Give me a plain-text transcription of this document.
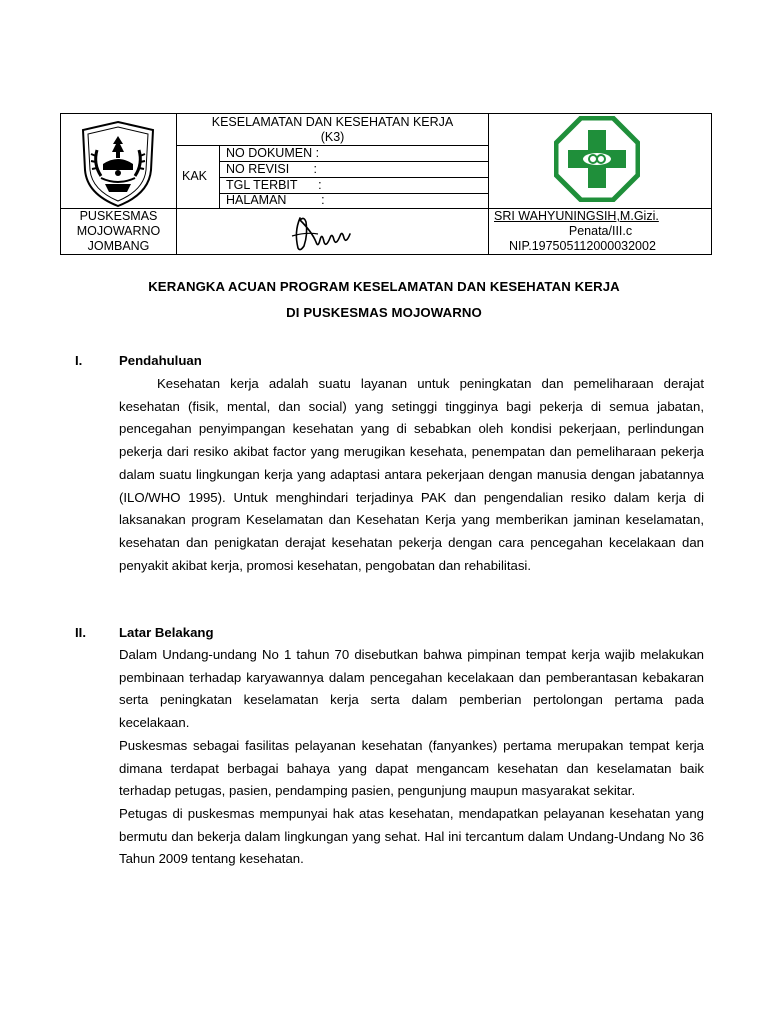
KESELAMATAN DAN KESEHATAN KERJA
(K3)
KAK
NO DOKUMEN :
NO REVISI       :
TGL TERBIT      :
HALAMAN          :
PUSKESMAS
MOJOWARNO
JOMBANG
SRI WAHYUNINGSIH,M.Gizi.
Penata/III.c
NIP.197505112000032002
KERANGKA ACUAN PROGRAM KESELAMATAN DAN KESEHATAN KERJA
DI PUSKESMAS MOJOWARNO
I.	Pendahuluan
Kesehatan kerja adalah suatu layanan untuk peningkatan dan pemeliharaan derajat kesehatan (fisik, mental, dan social) yang setinggi tingginya bagi pekerja di semua jabatan, pencegahan penyimpangan kesehatan yang di sebabkan oleh kondisi pekerjaan, perlindungan pekerja dari resiko akibat factor yang merugikan kesehata, penempatan dan pemeliharaan pekerja dalam suatu lingkungan kerja yang adaptasi antara pekerjaan dengan manusia dengan jabatannya (ILO/WHO 1995). Untuk menghindari terjadinya PAK dan pengendalian resiko dalam kerja di laksanakan program Keselamatan dan Kesehatan Kerja yang memberikan jaminan keselamatan, kesehatan dan penigkatan derajat kesehatan pekerja dengan cara pencegahan kecelakaan dan penyakit akibat kerja, promosi kesehatan, pengobatan dan rehabilitasi.
II.	Latar Belakang

Dalam Undang-undang No 1 tahun 70 disebutkan bahwa pimpinan tempat kerja wajib melakukan pembinaan terhadap karyawannya dalam pencegahan kecelakaan dan pemberantasan kebakaran serta peningkatan keselamatan kerja serta dalam pemberian pertolongan pertama pada kecelakaan.

Puskesmas sebagai fasilitas pelayanan kesehatan (fanyankes) pertama merupakan tempat kerja dimana terdapat berbagai bahaya yang dapat mengancam kesehatan dan keselamatan baik terhadap petugas, pasien, pendamping pasien, pengunjung maupun masyarakat sekitar.

Petugas di puskesmas mempunyai hak atas kesehatan, mendapatkan pelayanan kesehatan yang bermutu dan bekerja dalam lingkungan yang sehat. Hal ini tercantum dalam Undang-Undang No 36 Tahun 2009 tentang kesehatan.
